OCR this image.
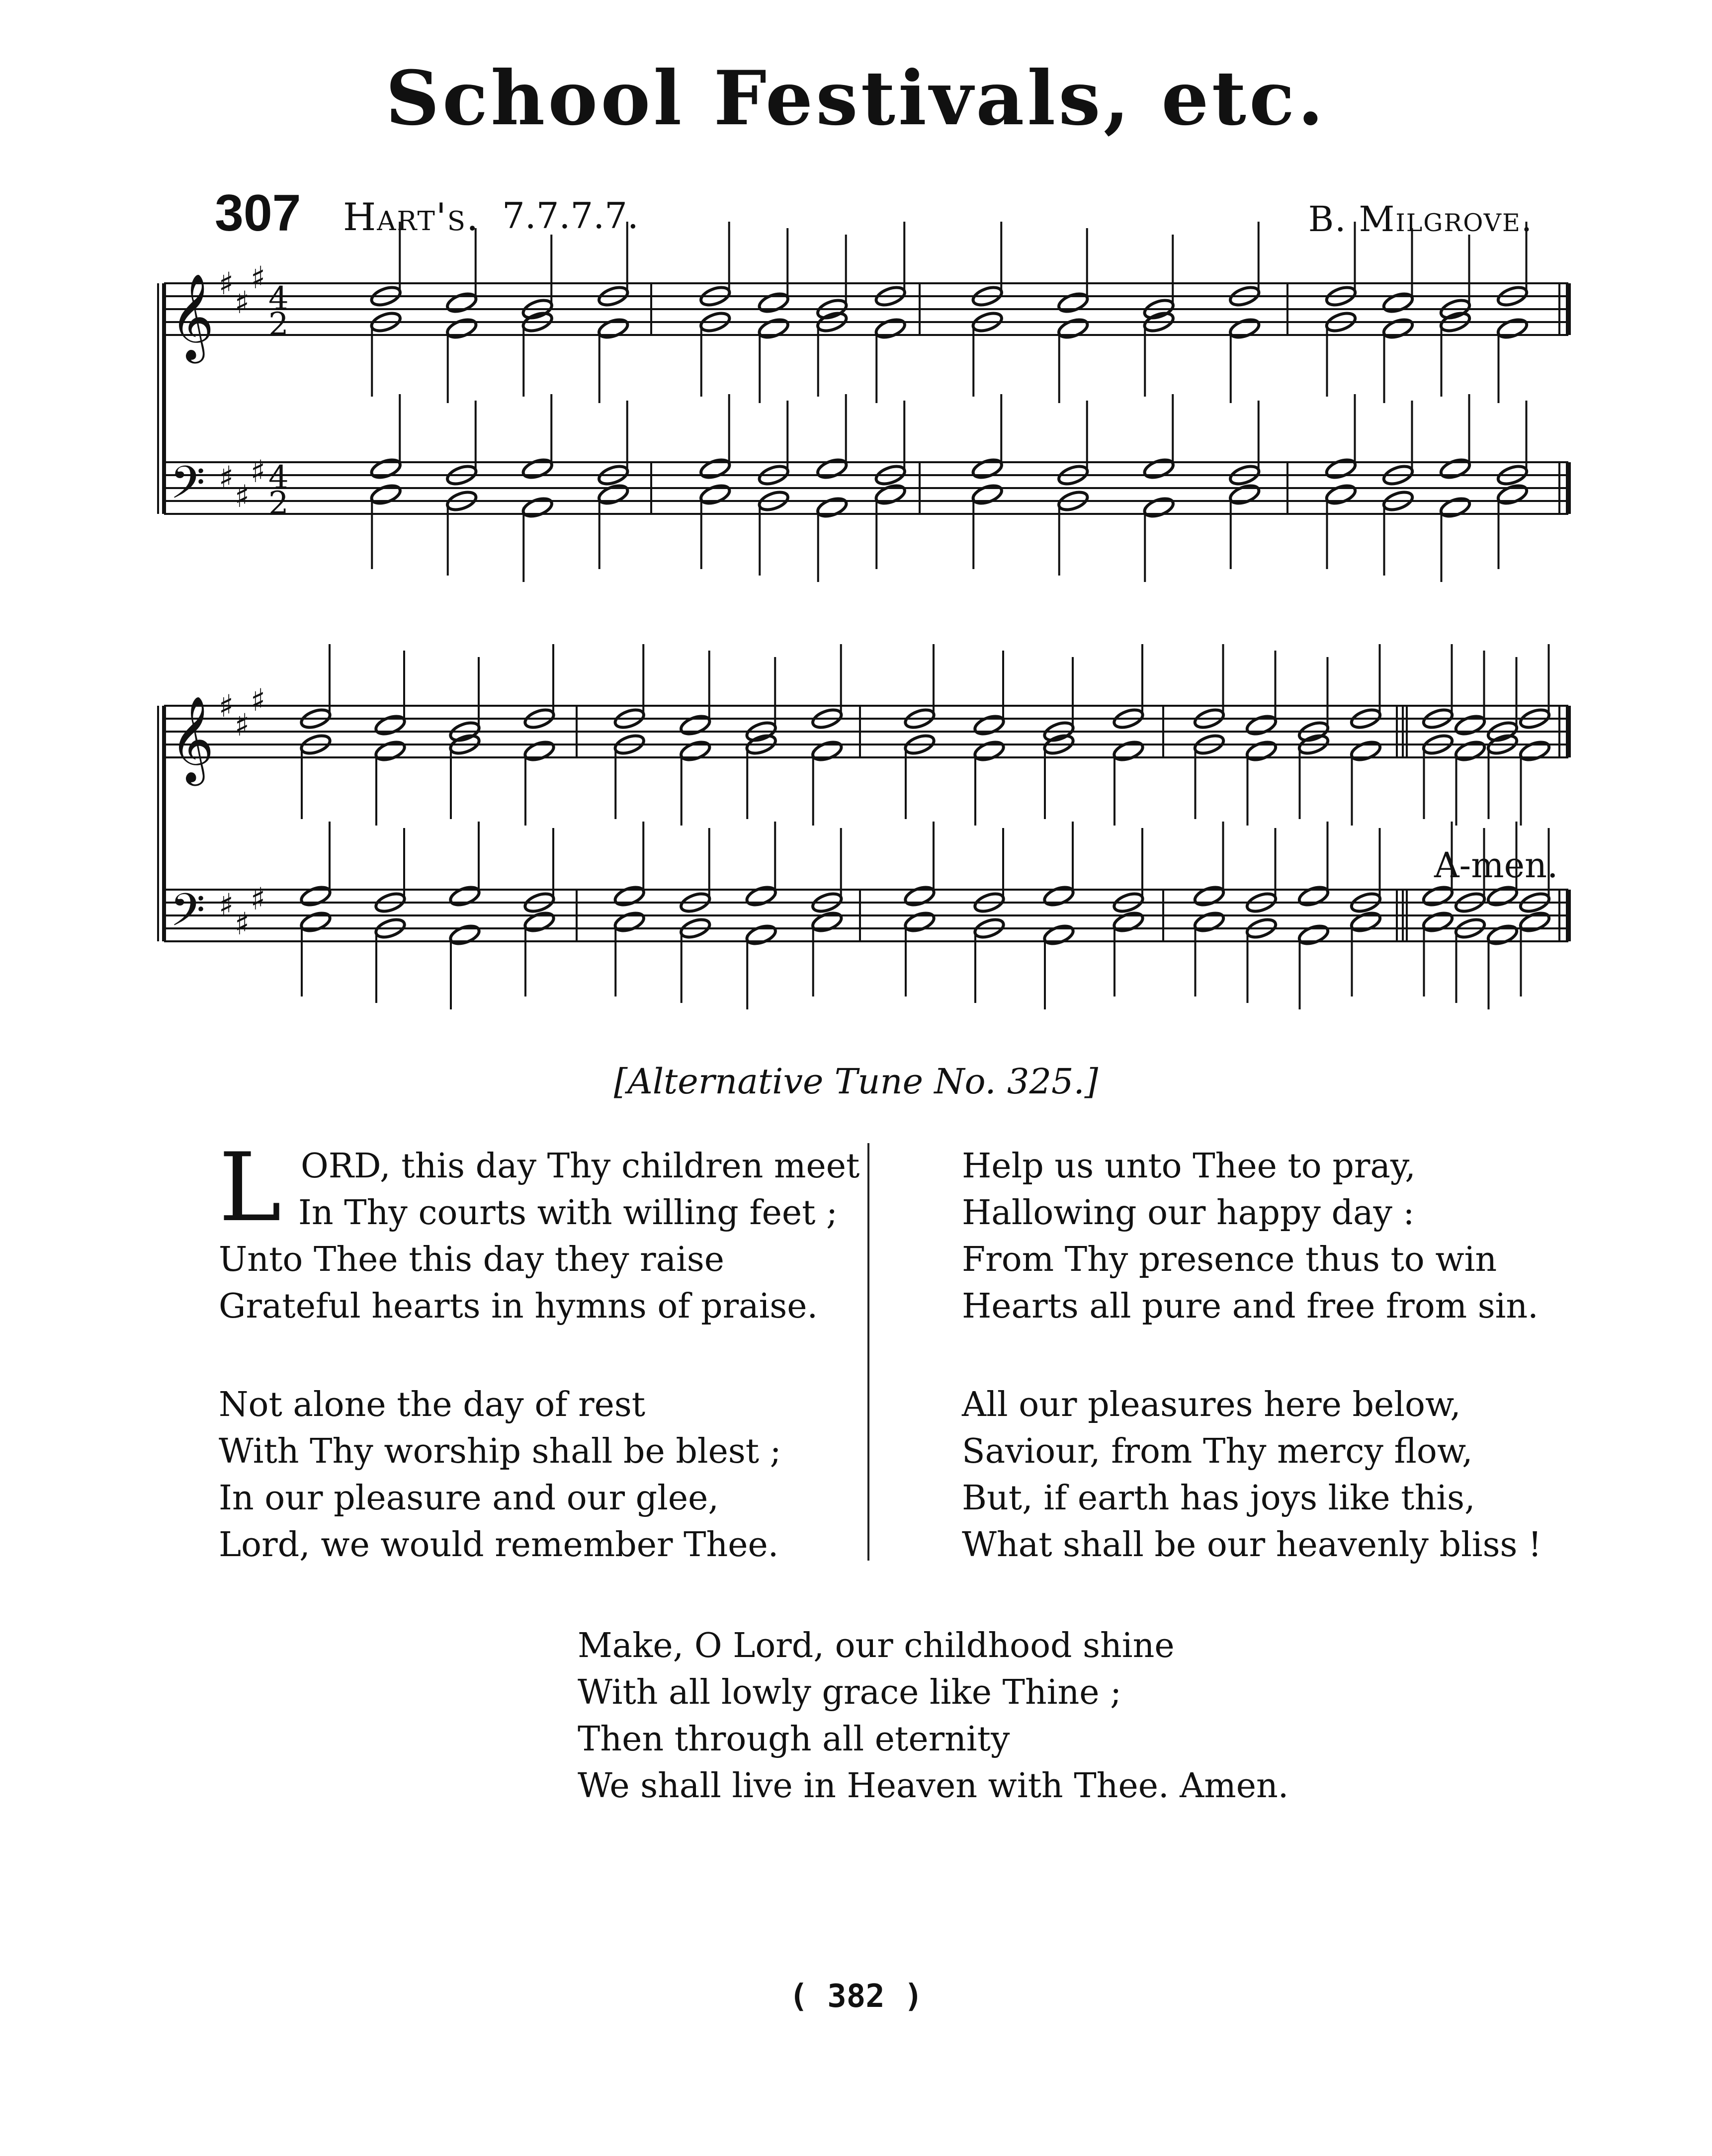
School Festivals, etc.
307 Hart's. 7.7.7.7.	B. Milgrove.
𝄞 ♯
♯
♯
4
2
𝄢 ♯
♯
♯ 4
2
𝄞 ♯
♯
♯
𝄢 ♯
♯
♯
A-men.
[Alternative Tune No. 325.]
L ORD, this day Thy children meet
In Thy courts with willing feet ;
Unto Thee this day they raise
Grateful hearts in hymns of praise.
Not alone the day of rest
With Thy worship shall be blest ;
In our pleasure and our glee,
Lord, we would remember Thee.
Help us unto Thee to pray,
Hallowing our happy day :
From Thy presence thus to win
Hearts all pure and free from sin.
All our pleasures here below,
Saviour, from Thy mercy flow,
But, if earth has joys like this,
What shall be our heavenly bliss !
Make, O Lord, our childhood shine
With all lowly grace like Thine ;
Then through all eternity
We shall live in Heaven with Thee. Amen.
( 382 )
